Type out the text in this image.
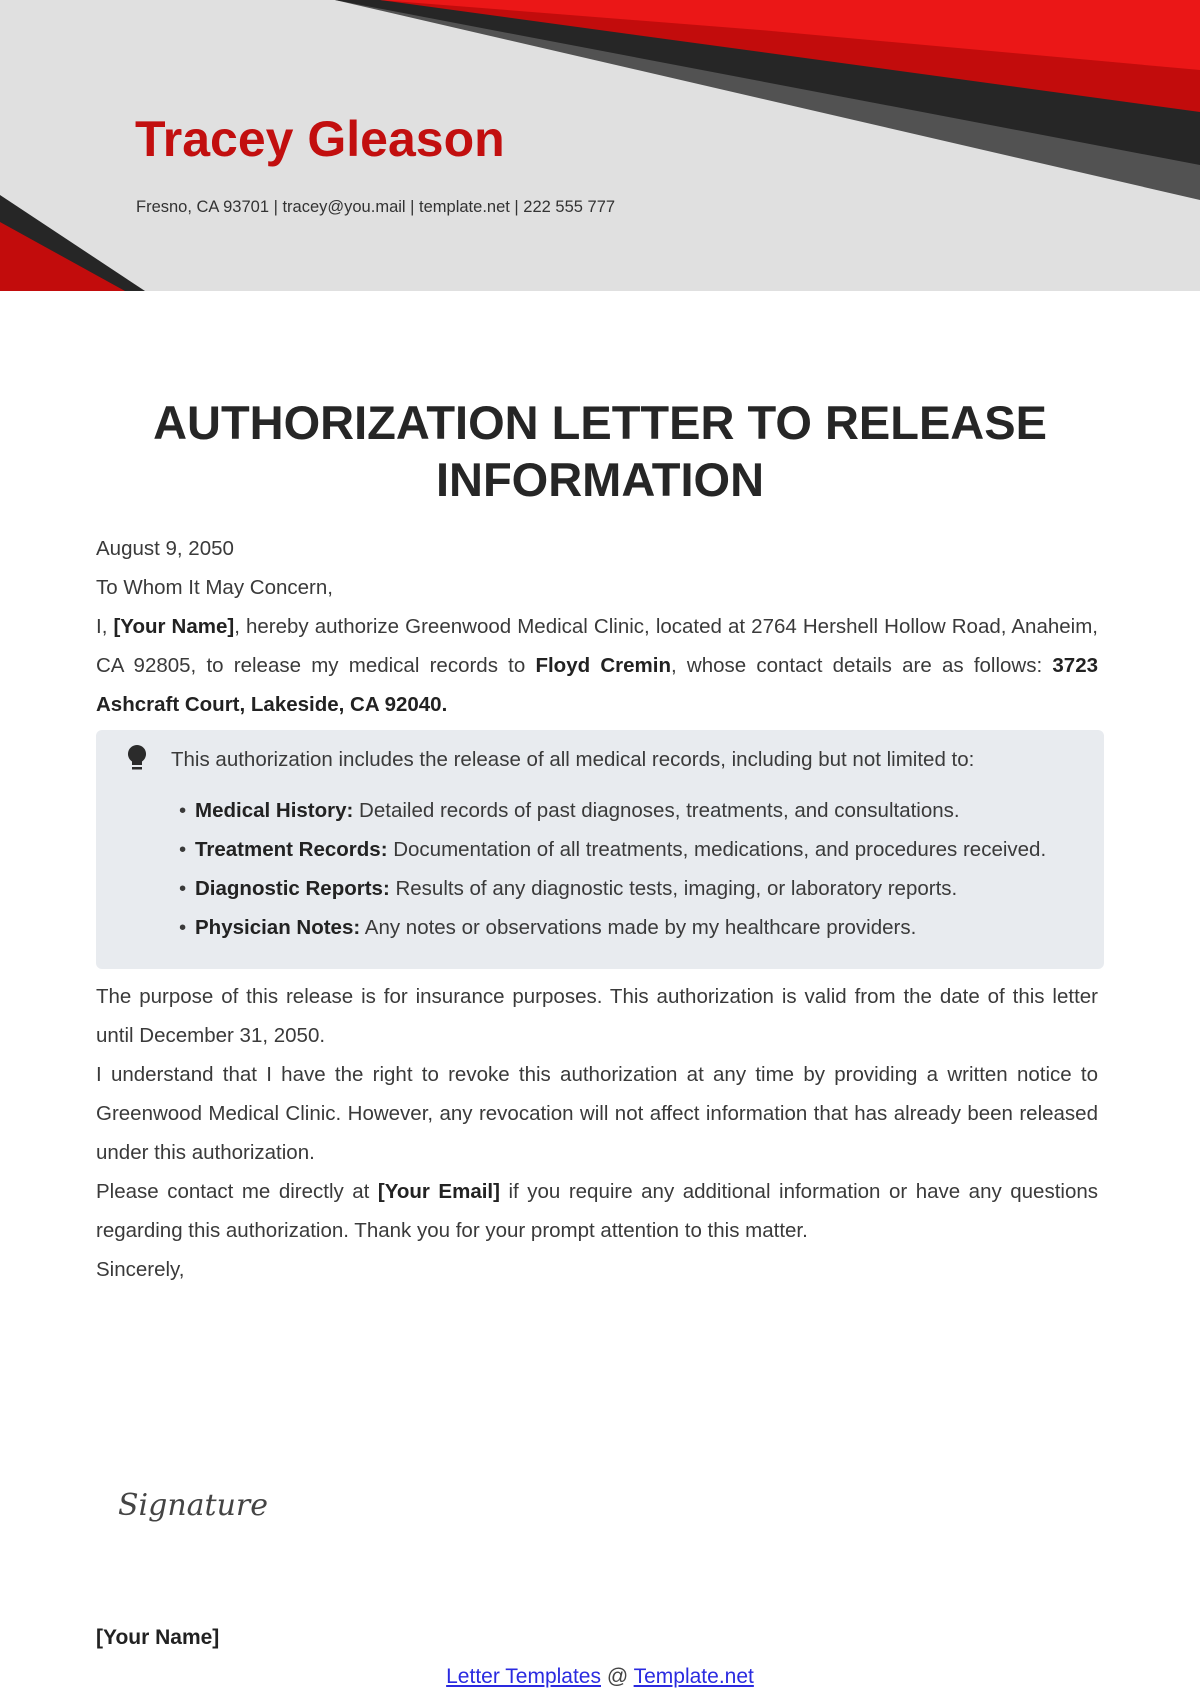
Tracey Gleason
Fresno, CA 93701 | tracey@you.mail | template.net | 222 555 777
AUTHORIZATION LETTER TO RELEASE INFORMATION

August 9, 2050

To Whom It May Concern,

I, [Your Name], hereby authorize Greenwood Medical Clinic, located at 2764 Hershell Hollow Road, Anaheim, CA 92805, to release my medical records to Floyd Cremin, whose contact details are as follows: 3723 Ashcraft Court, Lakeside, CA 92040.

This authorization includes the release of all medical records, including but not limited to:

• Medical History: Detailed records of past diagnoses, treatments, and consultations.
• Treatment Records: Documentation of all treatments, medications, and procedures received.
• Diagnostic Reports: Results of any diagnostic tests, imaging, or laboratory reports.
• Physician Notes: Any notes or observations made by my healthcare providers.

The purpose of this release is for insurance purposes. This authorization is valid from the date of this letter until December 31, 2050.

I understand that I have the right to revoke this authorization at any time by providing a written notice to Greenwood Medical Clinic. However, any revocation will not affect information that has already been released under this authorization.

Please contact me directly at [Your Email] if you require any additional information or have any questions regarding this authorization. Thank you for your prompt attention to this matter.

Sincerely,

Signature
[Your Name]
Letter Templates @ Template.net
